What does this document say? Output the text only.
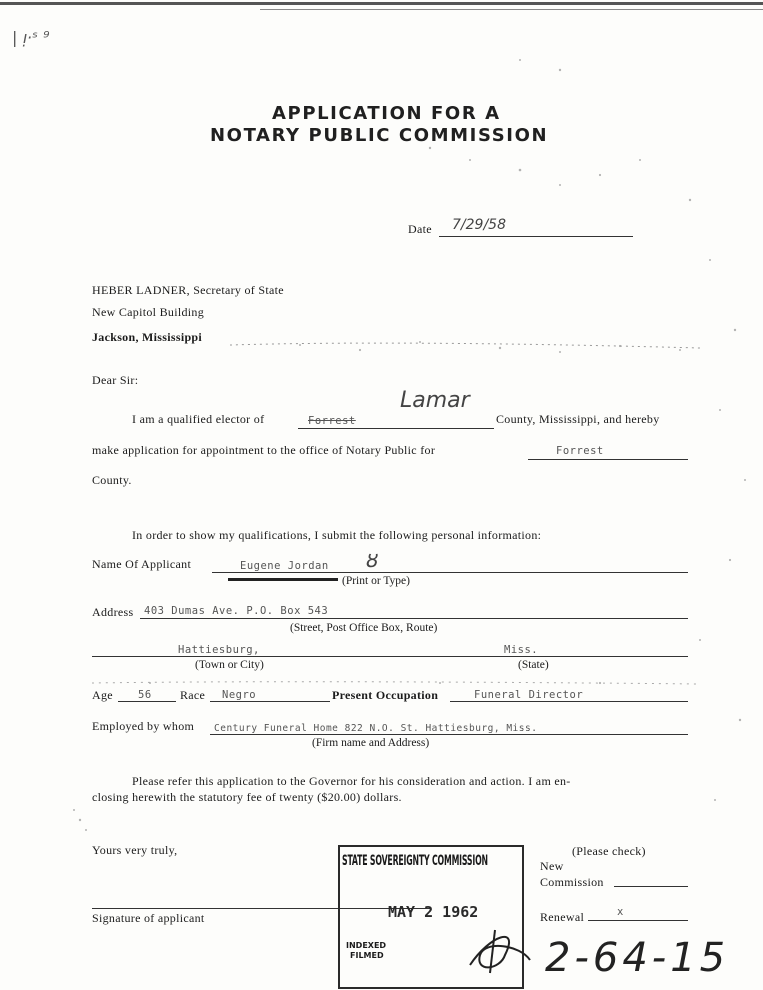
| ᴉ·ˢ ⁹
APPLICATION FOR A
NOTARY PUBLIC COMMISSION
Date 7/29/58
HEBER LADNER, Secretary of State
New Capitol Building
Jackson, Mississippi
Dear Sir:
I am a qualified elector of	Forrest
Lamar
County, Mississippi, and hereby
make application for appointment to the office of Notary Public for	Forrest
County.
In order to show my qualifications, I submit the following personal information:
Name Of Applicant	Eugene Jordan ȣ
(Print or Type)
Address 403 Dumas Ave. P.O. Box 543
(Street, Post Office Box, Route)
Hattiesburg,	Miss.
(Town or City)	(State)
Age 56 Race Negro	Present Occupation	Funeral Director
Employed by whom Century Funeral Home 822 N.O. St. Hattiesburg, Miss.
(Firm name and Address)
Please refer this application to the Governor for his consideration and action. I am en-
closing herewith the statutory fee of twenty ($20.00) dollars.
Yours very truly,
Signature of applicant
(Please check)
New
Commission
Renewal	x
STATE SOVEREIGNTY COMMISSION
MAY 2 1962
INDEXED
FILMED	2-64-15
